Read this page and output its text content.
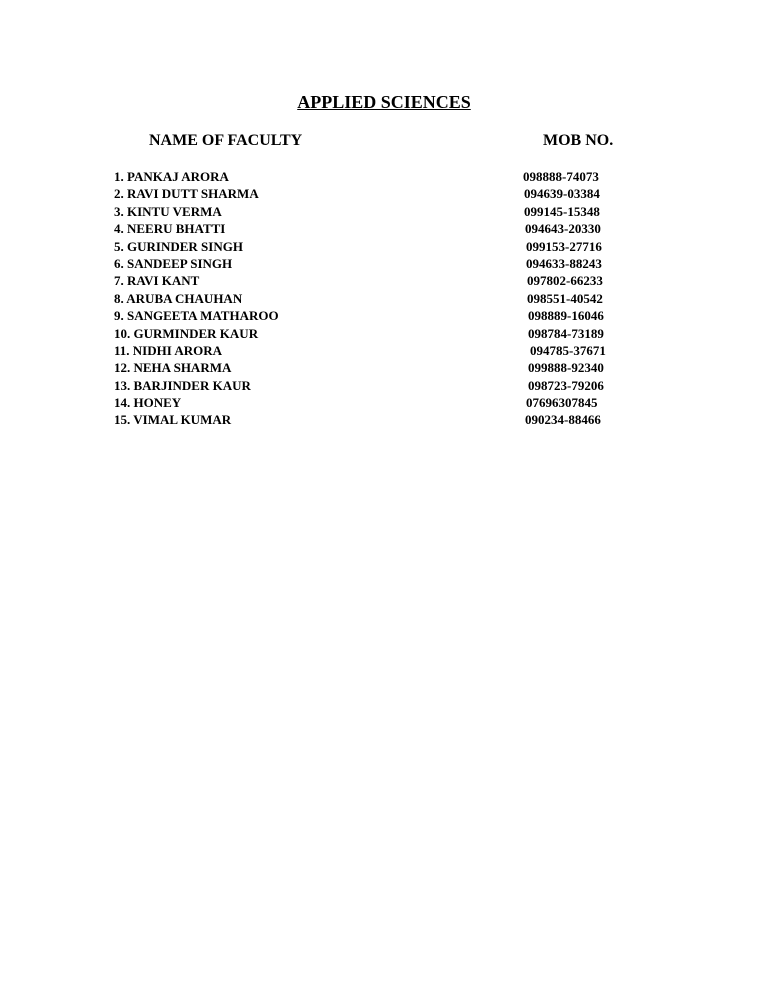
APPLIED SCIENCES
NAME OF FACULTY	MOB NO.
1. PANKAJ ARORA	098888-74073
2. RAVI DUTT SHARMA	094639-03384
3. KINTU VERMA	099145-15348
4. NEERU BHATTI	094643-20330
5. GURINDER SINGH	099153-27716
6. SANDEEP SINGH	094633-88243
7. RAVI KANT	097802-66233
8. ARUBA CHAUHAN	098551-40542
9. SANGEETA MATHAROO	098889-16046
10. GURMINDER KAUR	098784-73189
11. NIDHI ARORA	094785-37671
12. NEHA SHARMA	099888-92340
13. BARJINDER KAUR	098723-79206
14. HONEY	07696307845
15. VIMAL KUMAR	090234-88466
